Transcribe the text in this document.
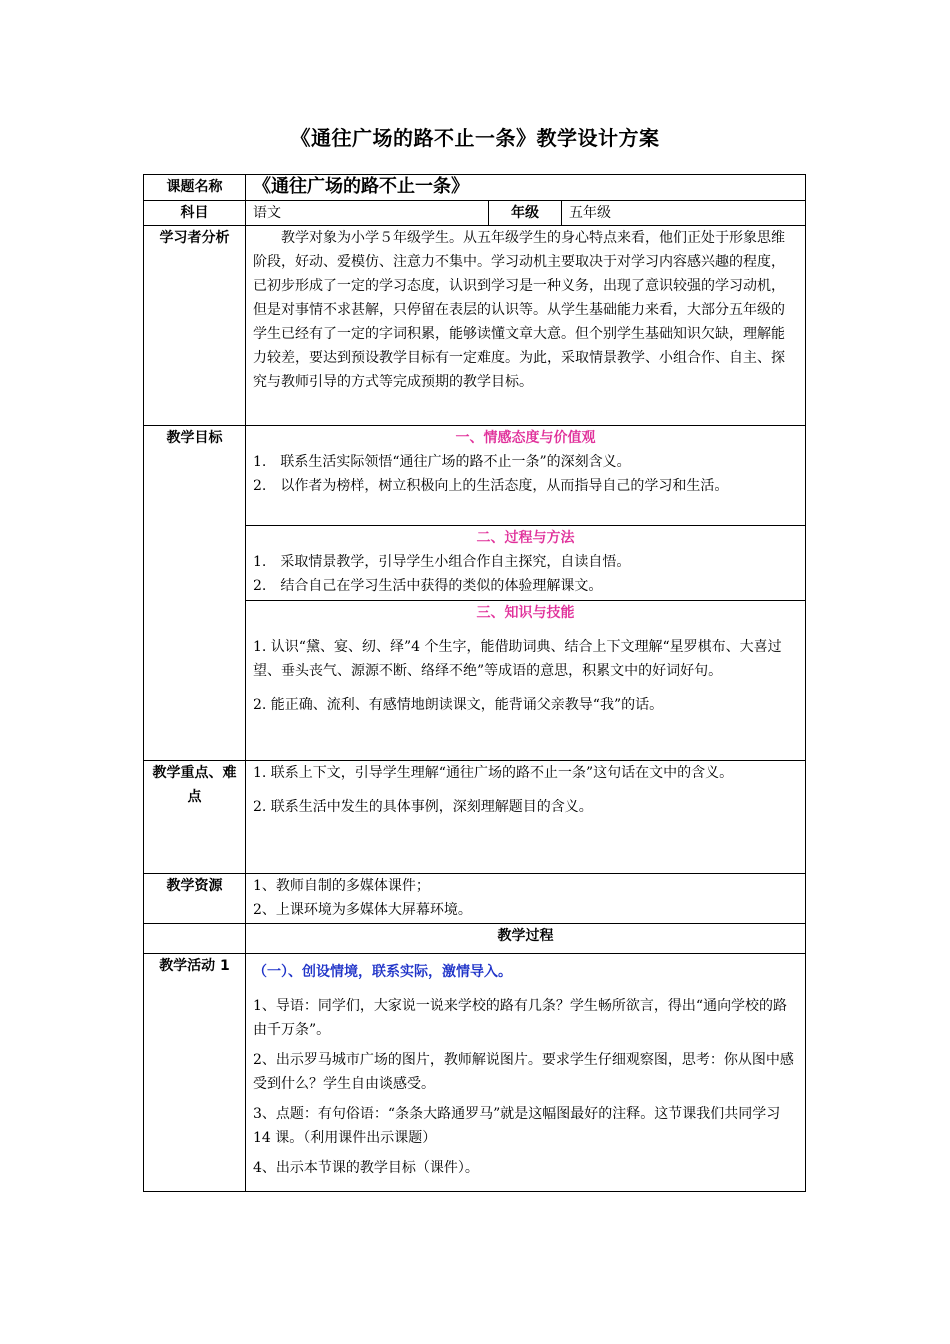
《通往广场的路不止一条》教学设计方案
课题名称	《通往广场的路不止一条》		
科目	语文	年级	五年级
学习者分析	教学对象为小学５年级学生。从五年级学生的身心特点来看，他们正处于形象思维阶段，好动、爱模仿、注意力不集中。学习动机主要取决于对学习内容感兴趣的程度，已初步形成了一定的学习态度，认识到学习是一种义务，出现了意识较强的学习动机，但是对事情不求甚解，只停留在表层的认识等。从学生基础能力来看，大部分五年级的学生已经有了一定的字词积累，能够读懂文章大意。但个别学生基础知识欠缺，理解能力较差，要达到预设教学目标有一定难度。为此，采取情景教学、小组合作、自主、探究与教师引导的方式等完成预期的教学目标。		

教学目标	一、情感态度与价值观

1.　联系生活实际领悟“通往广场的路不止一条”的深刻含义。

2.　以作者为榜样，树立积极向上的生活态度，从而指导自己的学习和生活。		

	二、过程与方法

1.　采取情景教学，引导学生小组合作自主探究，自读自悟。

2.　结合自己在学习生活中获得的类似的体验理解课文。		

	三、知识与技能

1. 认识“黛、宴、纫、绎”4 个生字，能借助词典、结合上下文理解“星罗棋布、大喜过望、垂头丧气、源源不断、络绎不绝”等成语的意思，积累文中的好词好句。

2. 能正确、流利、有感情地朗读课文，能背诵父亲教导“我”的话。		

教学重点、难点	1. 联系上下文，引导学生理解“通往广场的路不止一条”这句话在文中的含义。

2. 联系生活中发生的具体事例，深刻理解题目的含义。		

教学资源	1、教师自制的多媒体课件；

2、上课环境为多媒体大屏幕环境。		

	教学过程		
教学活动 1	（一）、创设情境，联系实际，激情导入。

1、导语：同学们，大家说一说来学校的路有几条？学生畅所欲言，得出“通向学校的路由千万条”。

2、出示罗马城市广场的图片，教师解说图片。要求学生仔细观察图，思考：你从图中感受到什么？学生自由谈感受。

3、点题：有句俗语：“条条大路通罗马”就是这幅图最好的注释。这节课我们共同学习 14 课。（利用课件出示课题）

4、出示本节课的教学目标（课件）。		
